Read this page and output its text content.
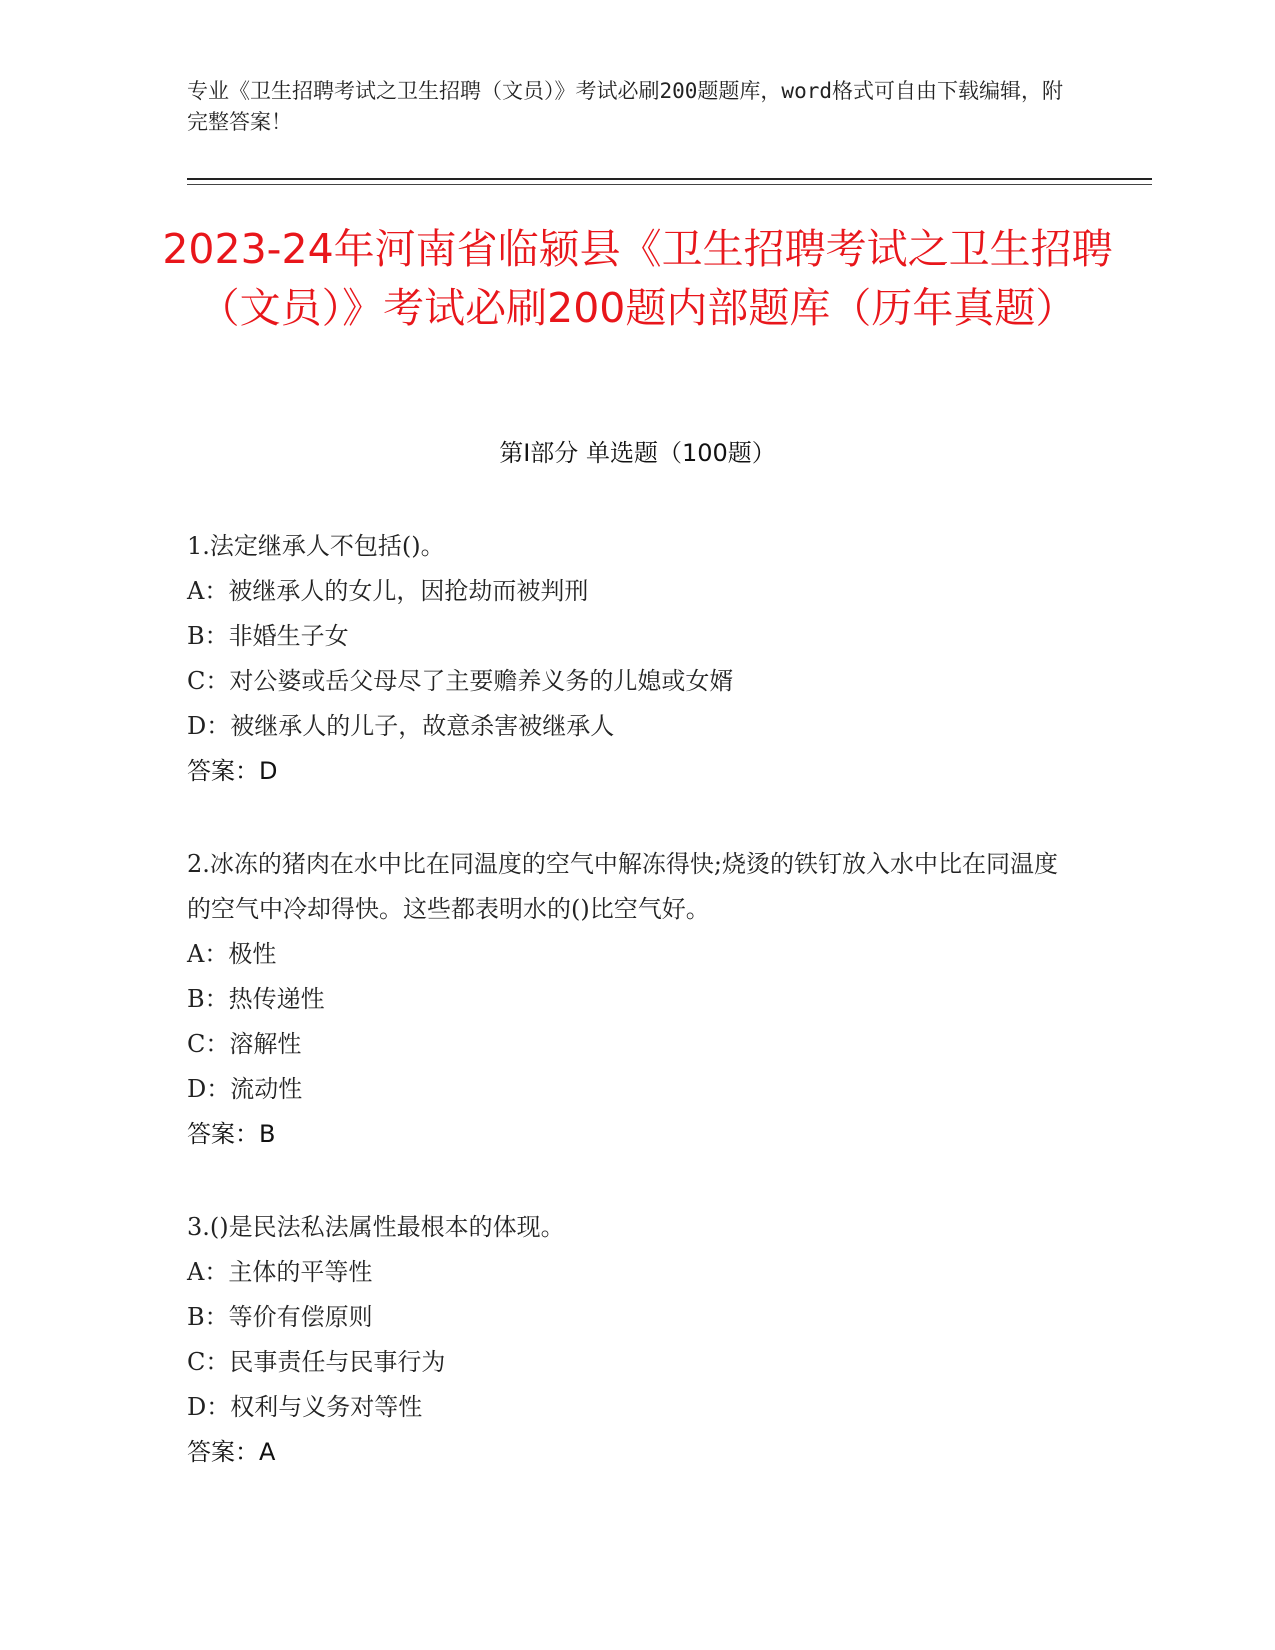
专业《卫生招聘考试之卫生招聘（文员）》考试必刷200题题库，word格式可自由下载编辑，附完整答案！
2023-24年河南省临颍县《卫生招聘考试之卫生招聘（文员）》考试必刷200题内部题库（历年真题）
第Ⅰ部分 单选题（100题）

1.法定继承人不包括()。

A：被继承人的女儿，因抢劫而被判刑

B：非婚生子女

C：对公婆或岳父母尽了主要赡养义务的儿媳或女婿

D：被继承人的儿子，故意杀害被继承人

答案：D

2.冰冻的猪肉在水中比在同温度的空气中解冻得快;烧烫的铁钉放入水中比在同温度的空气中冷却得快。这些都表明水的()比空气好。

A：极性

B：热传递性

C：溶解性

D：流动性

答案：B

3.()是民法私法属性最根本的体现。

A：主体的平等性

B：等价有偿原则

C：民事责任与民事行为

D：权利与义务对等性

答案：A
